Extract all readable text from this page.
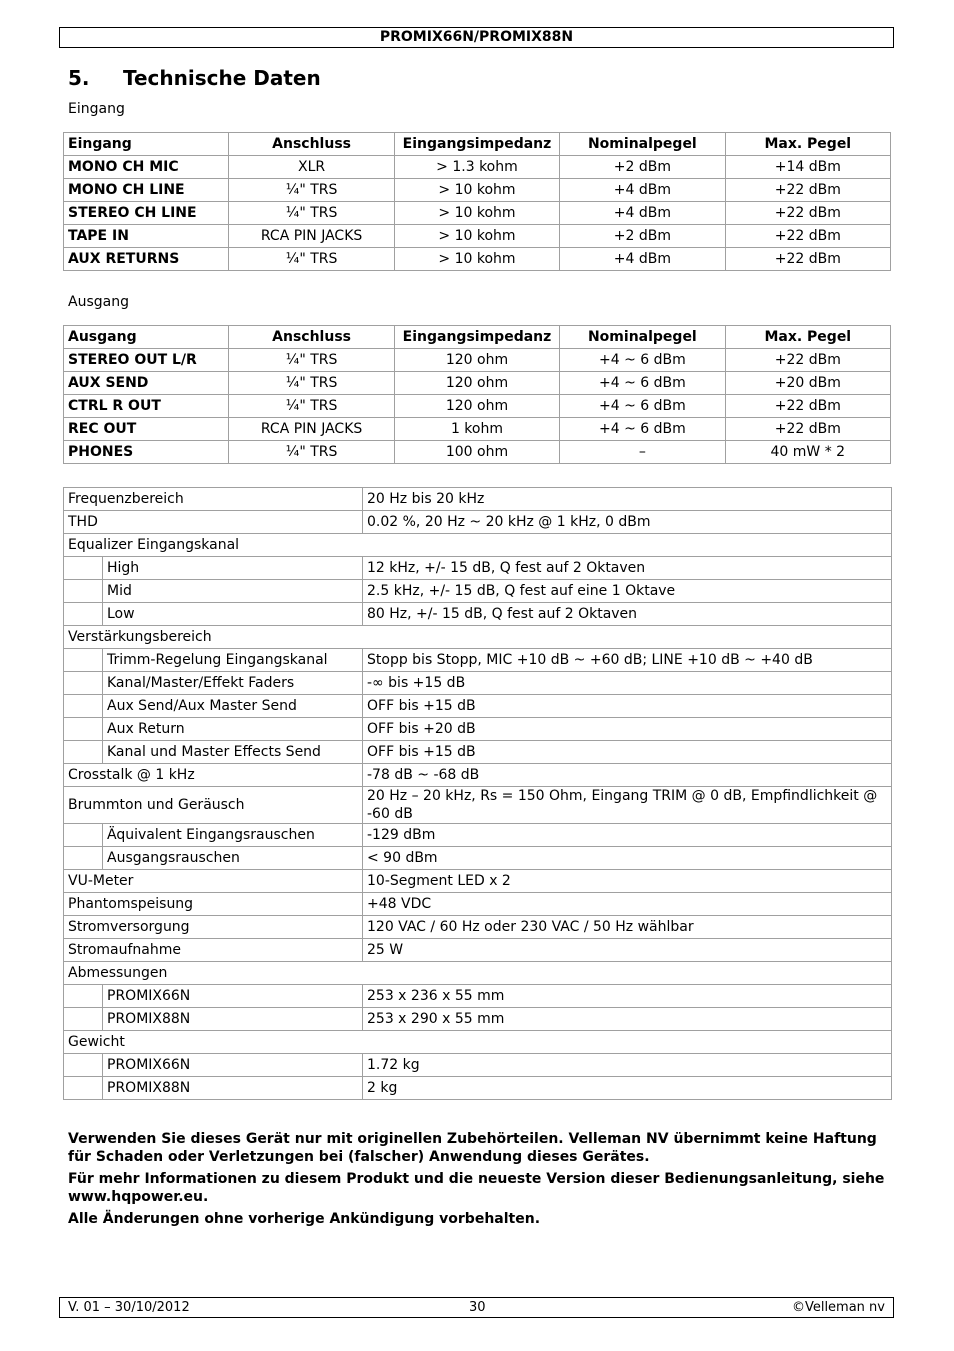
PROMIX66N/PROMIX88N
5. Technische Daten
Eingang
Eingang	Anschluss	Eingangsimpedanz	Nominalpegel	Max. Pegel
MONO CH MIC	XLR	> 1.3 kohm	+2 dBm	+14 dBm
MONO CH LINE	¼" TRS	> 10 kohm	+4 dBm	+22 dBm
STEREO CH LINE	¼" TRS	> 10 kohm	+4 dBm	+22 dBm
TAPE IN	RCA PIN JACKS	> 10 kohm	+2 dBm	+22 dBm
AUX RETURNS	¼" TRS	> 10 kohm	+4 dBm	+22 dBm
Ausgang
Ausgang	Anschluss	Eingangsimpedanz	Nominalpegel	Max. Pegel
STEREO OUT L/R	¼" TRS	120 ohm	+4 ~ 6 dBm	+22 dBm
AUX SEND	¼" TRS	120 ohm	+4 ~ 6 dBm	+20 dBm
CTRL R OUT	¼" TRS	120 ohm	+4 ~ 6 dBm	+22 dBm
REC OUT	RCA PIN JACKS	1 kohm	+4 ~ 6 dBm	+22 dBm
PHONES	¼" TRS	100 ohm	–	40 mW * 2
Frequenzbereich		20 Hz bis 20 kHz
THD		0.02 %, 20 Hz ~ 20 kHz @ 1 kHz, 0 dBm
Equalizer Eingangskanal		
	High	12 kHz, +/- 15 dB, Q fest auf 2 Oktaven
	Mid	2.5 kHz, +/- 15 dB, Q fest auf eine 1 Oktave
	Low	80 Hz, +/- 15 dB, Q fest auf 2 Oktaven
Verstärkungsbereich		
	Trimm-Regelung Eingangskanal	Stopp bis Stopp, MIC +10 dB ~ +60 dB; LINE +10 dB ~ +40 dB
	Kanal/Master/Effekt Faders	-∞ bis +15 dB
	Aux Send/Aux Master Send	OFF bis +15 dB
	Aux Return	OFF bis +20 dB
	Kanal und Master Effects Send	OFF bis +15 dB
Crosstalk @ 1 kHz		-78 dB ~ -68 dB
Brummton und Geräusch		20 Hz – 20 kHz, Rs = 150 Ohm, Eingang TRIM @ 0 dB, Empfindlichkeit @ -60 dB
	Äquivalent Eingangsrauschen	-129 dBm
	Ausgangsrauschen	< 90 dBm
VU-Meter		10-Segment LED x 2
Phantomspeisung		+48 VDC
Stromversorgung		120 VAC / 60 Hz oder 230 VAC / 50 Hz wählbar
Stromaufnahme		25 W
Abmessungen		
	PROMIX66N	253 x 236 x 55 mm
	PROMIX88N	253 x 290 x 55 mm
Gewicht		
	PROMIX66N	1.72 kg
	PROMIX88N	2 kg

Verwenden Sie dieses Gerät nur mit originellen Zubehörteilen. Velleman NV übernimmt keine Haftung für Schaden oder Verletzungen bei (falscher) Anwendung dieses Gerätes.

Für mehr Informationen zu diesem Produkt und die neueste Version dieser Bedienungsanleitung, siehe www.hqpower.eu.

Alle Änderungen ohne vorherige Ankündigung vorbehalten.

V. 01 – 30/10/2012	30	©Velleman nv
